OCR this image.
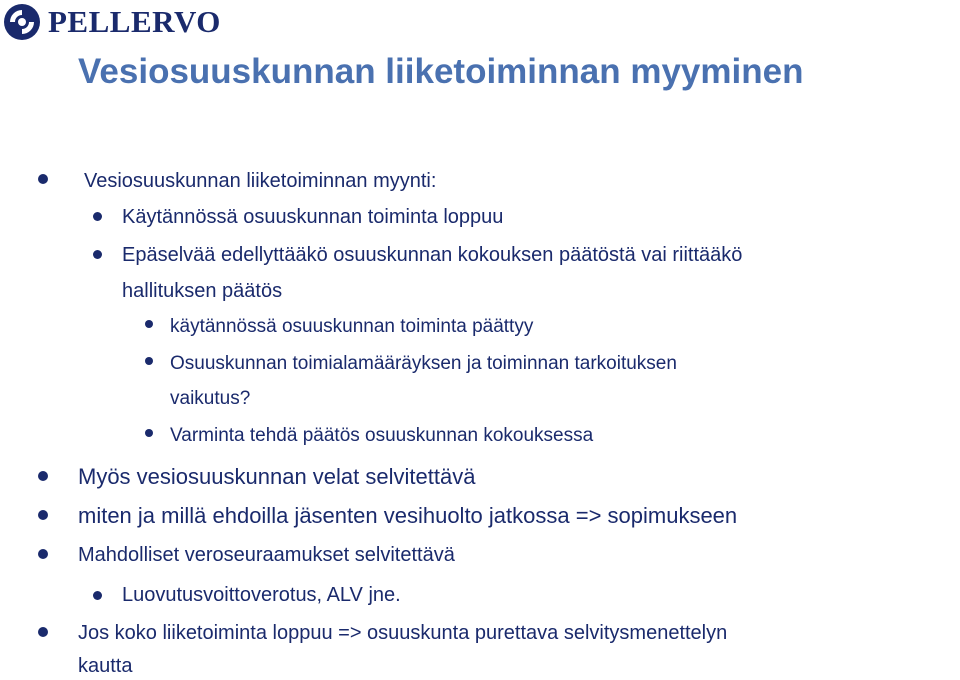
PELLERVO
Vesiosuuskunnan liiketoiminnan myyminen
Vesiosuuskunnan liiketoiminnan myynti:
Käytännössä osuuskunnan toiminta loppuu
Epäselvää edellyttääkö osuuskunnan kokouksen päätöstä vai riittääkö
hallituksen päätös
käytännössä osuuskunnan toiminta päättyy
Osuuskunnan toimialamääräyksen ja toiminnan tarkoituksen
vaikutus?
Varminta tehdä päätös osuuskunnan kokouksessa
Myös vesiosuuskunnan velat selvitettävä
miten ja millä ehdoilla jäsenten vesihuolto jatkossa => sopimukseen
Mahdolliset veroseuraamukset selvitettävä
Luovutusvoittoverotus, ALV jne.
Jos koko liiketoiminta loppuu => osuuskunta purettava selvitysmenettelyn
kautta
